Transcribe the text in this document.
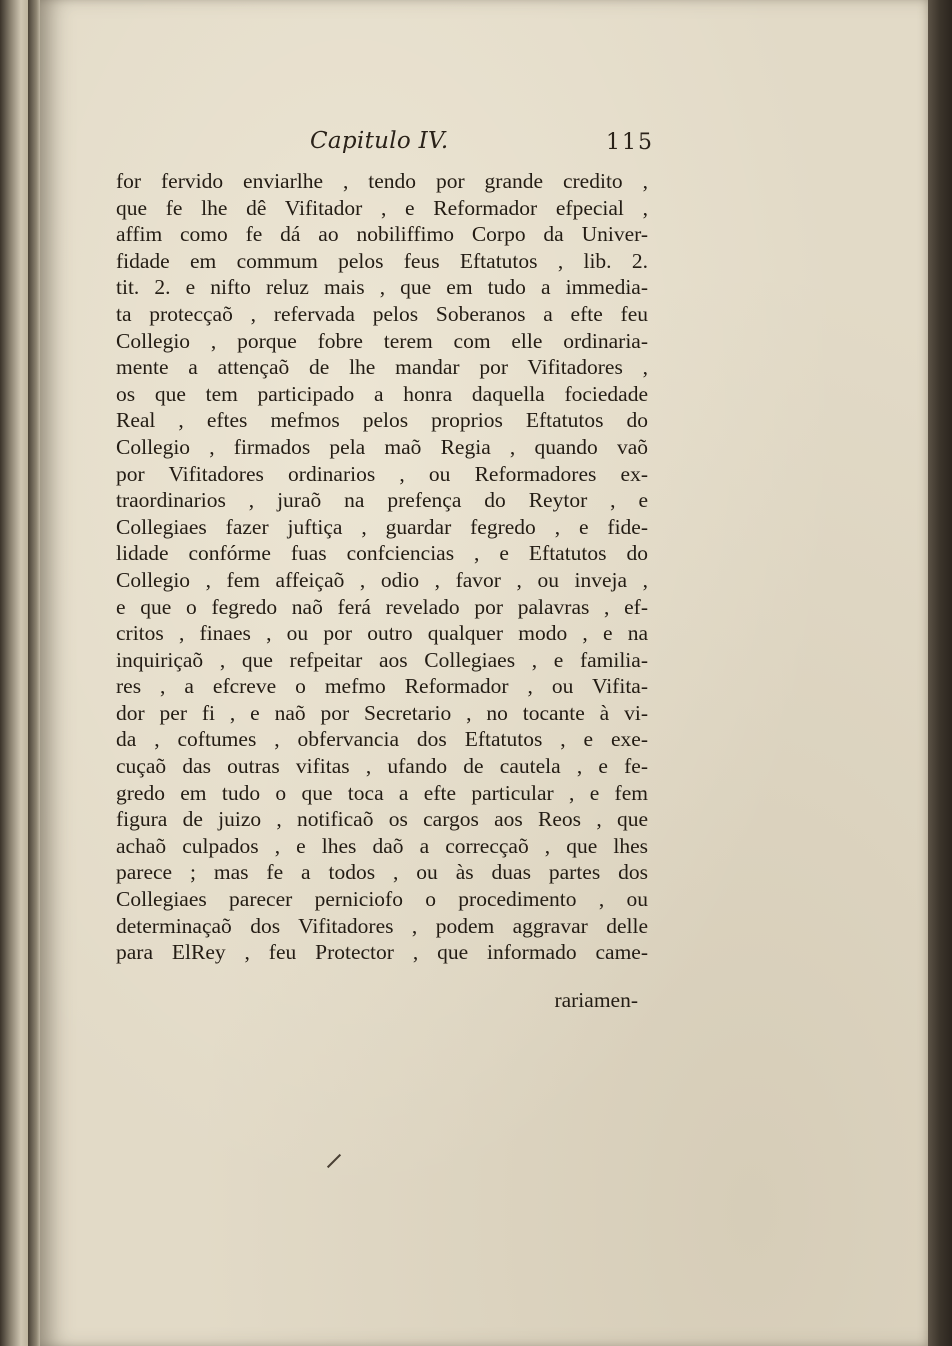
Capitulo IV.	115
for fervido enviarlhe , tendo por grande credito ,
que fe lhe dê Vifitador , e Reformador efpecial ,
affim como fe dá ao nobiliffimo Corpo da Univer-
fidade em commum pelos feus Eftatutos , lib. 2.
tit. 2. e nifto reluz mais , que em tudo a immedia-
ta protecçaõ , refervada pelos Soberanos a efte feu
Collegio , porque fobre terem com elle ordinaria-
mente a attençaõ de lhe mandar por Vifitadores ,
os que tem participado a honra daquella fociedade
Real , eftes mefmos pelos proprios Eftatutos do
Collegio , firmados pela maõ Regia , quando vaõ
por Vifitadores ordinarios , ou Reformadores ex-
traordinarios , juraõ na prefença do Reytor , e
Collegiaes fazer juftiça , guardar fegredo , e fide-
lidade confórme fuas confciencias , e Eftatutos do
Collegio , fem affeiçaõ , odio , favor , ou inveja ,
e que o fegredo naõ ferá revelado por palavras , ef-
critos , finaes , ou por outro qualquer modo , e na
inquiriçaõ , que refpeitar aos Collegiaes , e familia-
res , a efcreve o mefmo Reformador , ou Vifita-
dor per fi , e naõ por Secretario , no tocante à vi-
da , coftumes , obfervancia dos Eftatutos , e exe-
cuçaõ das outras vifitas , ufando de cautela , e fe-
gredo em tudo o que toca a efte particular , e fem
figura de juizo , notificaõ os cargos aos Reos , que
achaõ culpados , e lhes daõ a correcçaõ , que lhes
parece ; mas fe a todos , ou às duas partes dos
Collegiaes parecer perniciofo o procedimento , ou
determinaçaõ dos Vifitadores , podem aggravar delle
para ElRey , feu Protector , que informado came-
rariamen-
